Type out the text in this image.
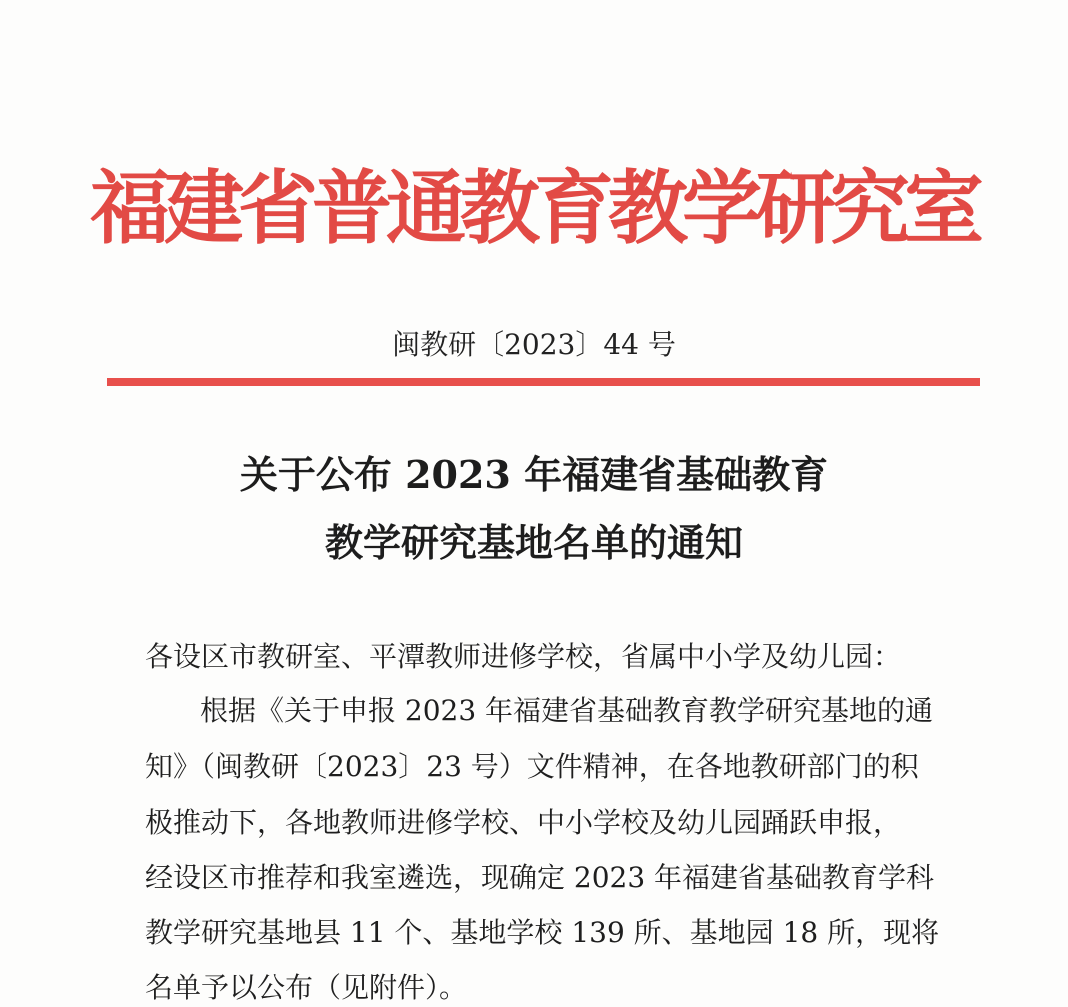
福建省普通教育教学研究室
闽教研〔2023〕44 号
关于公布 2023 年福建省基础教育
教学研究基地名单的通知
各设区市教研室、平潭教师进修学校，省属中小学及幼儿园：
根据《关于申报 2023 年福建省基础教育教学研究基地的通
知》（闽教研〔2023〕23 号）文件精神，在各地教研部门的积
极推动下，各地教师进修学校、中小学校及幼儿园踊跃申报，
经设区市推荐和我室遴选，现确定 2023 年福建省基础教育学科
教学研究基地县 11 个、基地学校 139 所、基地园 18 所，现将
名单予以公布（见附件）。
